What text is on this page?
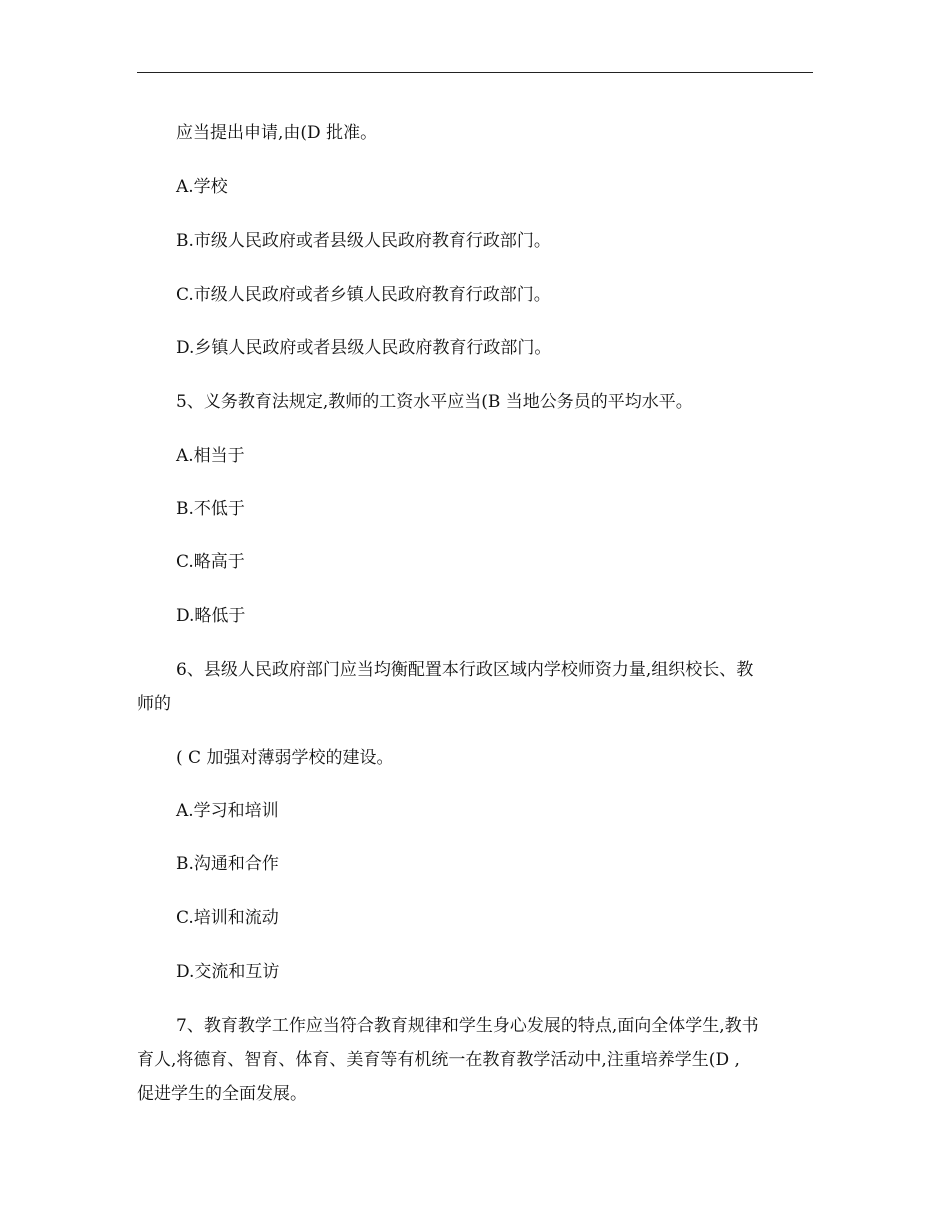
应当提出申请,由(D 批准。
A.学校
B.市级人民政府或者县级人民政府教育行政部门。
C.市级人民政府或者乡镇人民政府教育行政部门。
D.乡镇人民政府或者县级人民政府教育行政部门。
5、义务教育法规定,教师的工资水平应当(B 当地公务员的平均水平。
A.相当于
B.不低于
C.略高于
D.略低于
6、县级人民政府部门应当均衡配置本行政区域内学校师资力量,组织校长、教
师的
( C 加强对薄弱学校的建设。
A.学习和培训
B.沟通和合作
C.培训和流动
D.交流和互访
7、教育教学工作应当符合教育规律和学生身心发展的特点,面向全体学生,教书
育人,将德育、智育、体育、美育等有机统一在教育教学活动中,注重培养学生(D ,
促进学生的全面发展。
